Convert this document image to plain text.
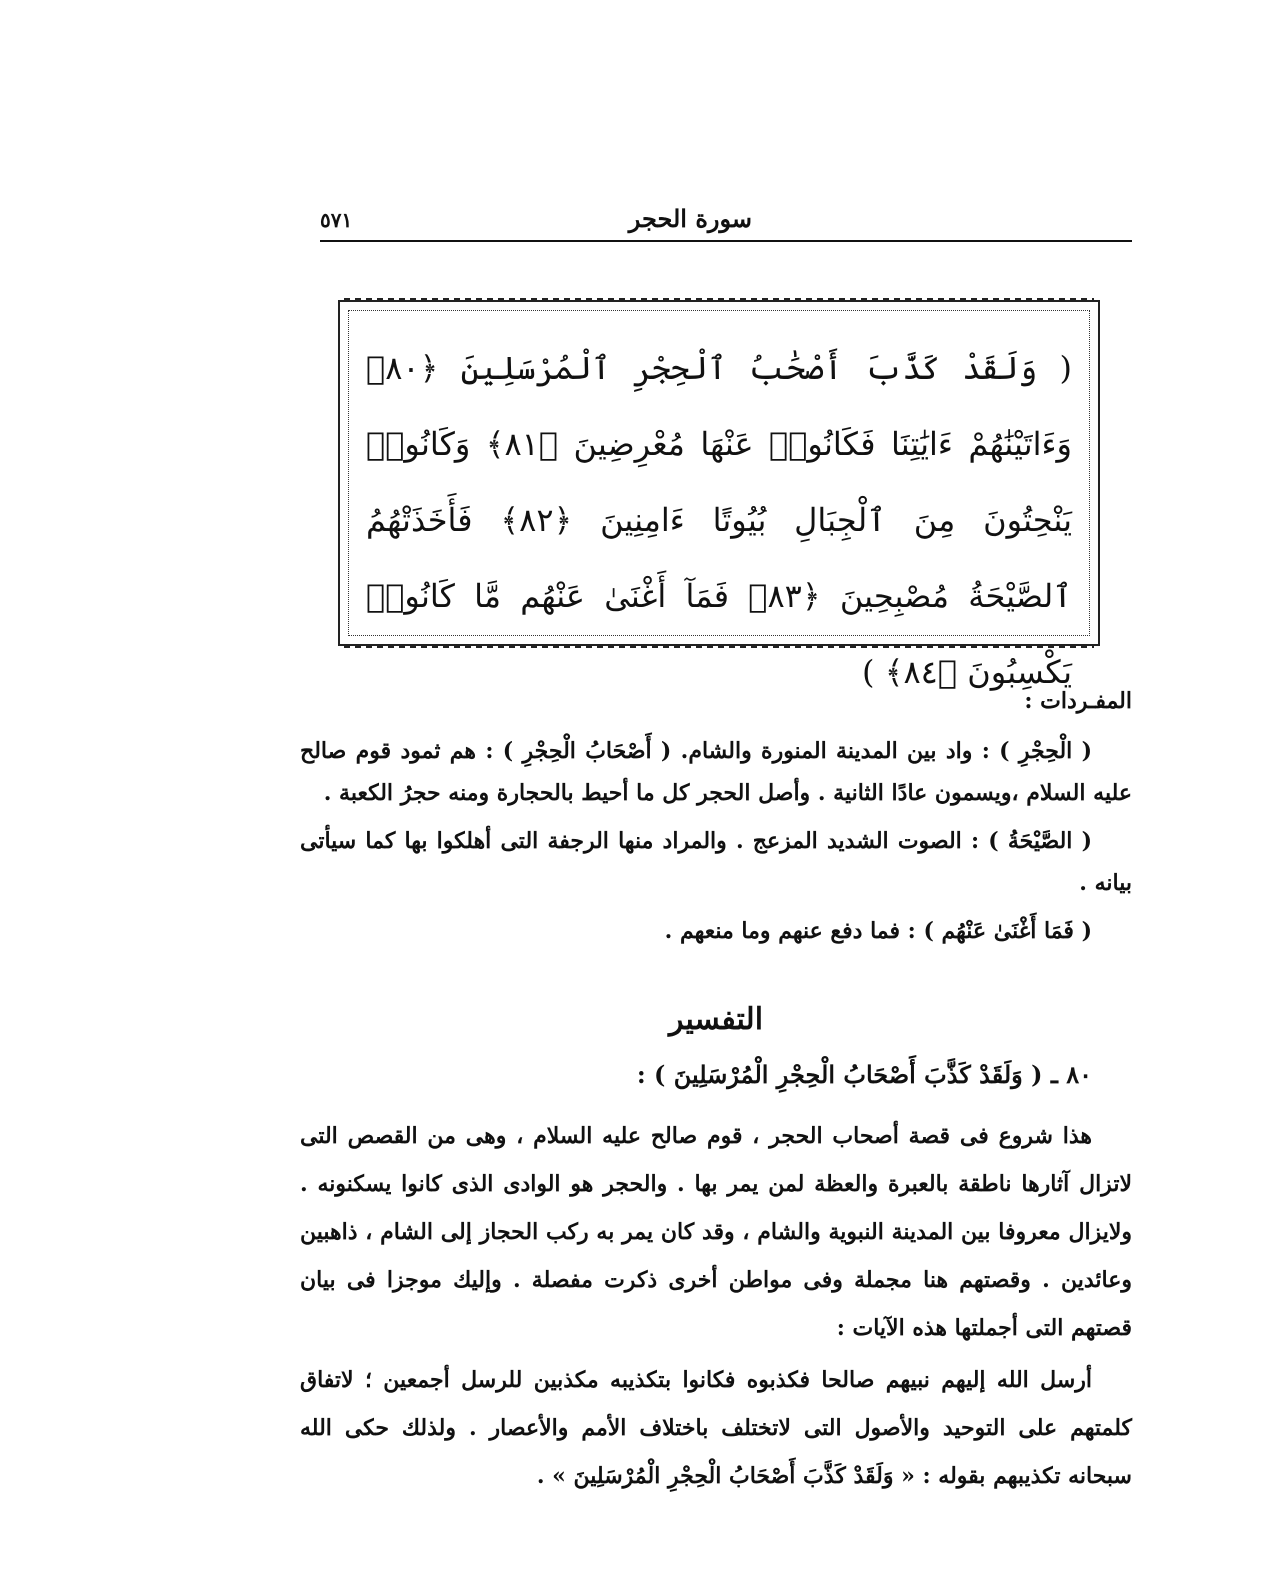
٥٧١	سورة الحجر
( وَلَقَدْ كَذَّبَ أَصْحَٰبُ ٱلْحِجْرِ ٱلْمُرْسَلِينَ ﴿٨٠﴾ وَءَاتَيْنَٰهُمْ ءَايَٰتِنَا فَكَانُوا۟ عَنْهَا مُعْرِضِينَ ﴿٨١﴾ وَكَانُوا۟ يَنْحِتُونَ مِنَ ٱلْجِبَالِ بُيُوتًا ءَامِنِينَ ﴿٨٢﴾ فَأَخَذَتْهُمُ ٱلصَّيْحَةُ مُصْبِحِينَ ﴿٨٣﴾ فَمَآ أَغْنَىٰ عَنْهُم مَّا كَانُوا۟ يَكْسِبُونَ ﴿٨٤﴾ )
المفـردات :

( الْحِجْرِ ) : واد بين المدينة المنورة والشام. ( أَصْحَابُ الْحِجْرِ ) : هم ثمود قوم صالح عليه السلام ،ويسمون عادًا الثانية . وأصل الحجر كل ما أحيط بالحجارة ومنه حجرُ الكعبة .

( الصَّيْحَةُ ) : الصوت الشديد المزعج . والمراد منها الرجفة التى أهلكوا بها كما سيأتى بيانه .

( فَمَا أَغْنَىٰ عَنْهُم ) : فما دفع عنهم وما منعهم .

التفسير
٨٠ ـ ( وَلَقَدْ كَذَّبَ أَصْحَابُ الْحِجْرِ الْمُرْسَلِينَ ) :

هذا شروع فى قصة أصحاب الحجر ، قوم صالح عليه السلام ، وهى من القصص التى لاتزال آثارها ناطقة بالعبرة والعظة لمن يمر بها . والحجر هو الوادى الذى كانوا يسكنونه . ولايزال معروفا بين المدينة النبوية والشام ، وقد كان يمر به ركب الحجاز إلى الشام ، ذاهبين وعائدين . وقصتهم هنا مجملة وفى مواطن أخرى ذكرت مفصلة . وإليك موجزا فى بيان قصتهم التى أجملتها هذه الآيات :

أرسل الله إليهم نبيهم صالحا فكذبوه فكانوا بتكذيبه مكذبين للرسل أجمعين ؛ لاتفاق كلمتهم على التوحيد والأصول التى لاتختلف باختلاف الأمم والأعصار . ولذلك حكى الله سبحانه تكذيبهم بقوله : « وَلَقَدْ كَذَّبَ أَصْحَابُ الْحِجْرِ الْمُرْسَلِينَ » .
